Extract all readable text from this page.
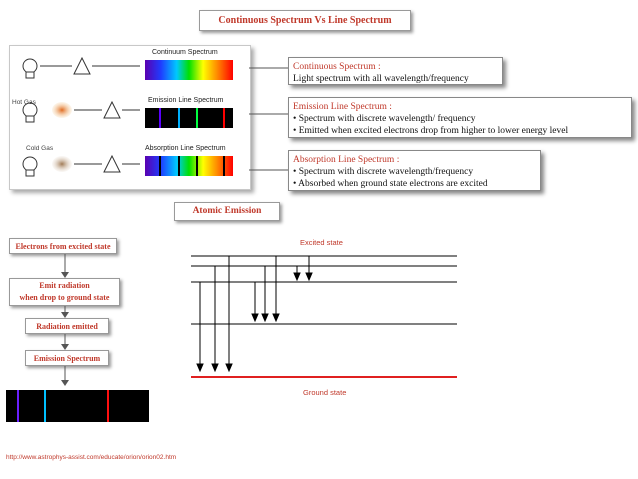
Continuous Spectrum Vs Line Spectrum
Continuum Spectrum
Emission Line Spectrum
Absorption Line Spectrum
Hot Gas
Cold Gas
Continuous Spectrum :
Light spectrum with all wavelength/frequency
Emission Line Spectrum :
• Spectrum with discrete wavelength/ frequency
• Emitted when excited electrons drop from higher to lower energy level
Absorption Line Spectrum :
• Spectrum with discrete wavelength/frequency
• Absorbed when ground state electrons are excited
Atomic Emission
Electrons from excited state
Emit radiation
when drop to ground state
Radiation emitted
Emission Spectrum
Excited state
Ground state
http://www.astrophys-assist.com/educate/orion/orion02.htm
